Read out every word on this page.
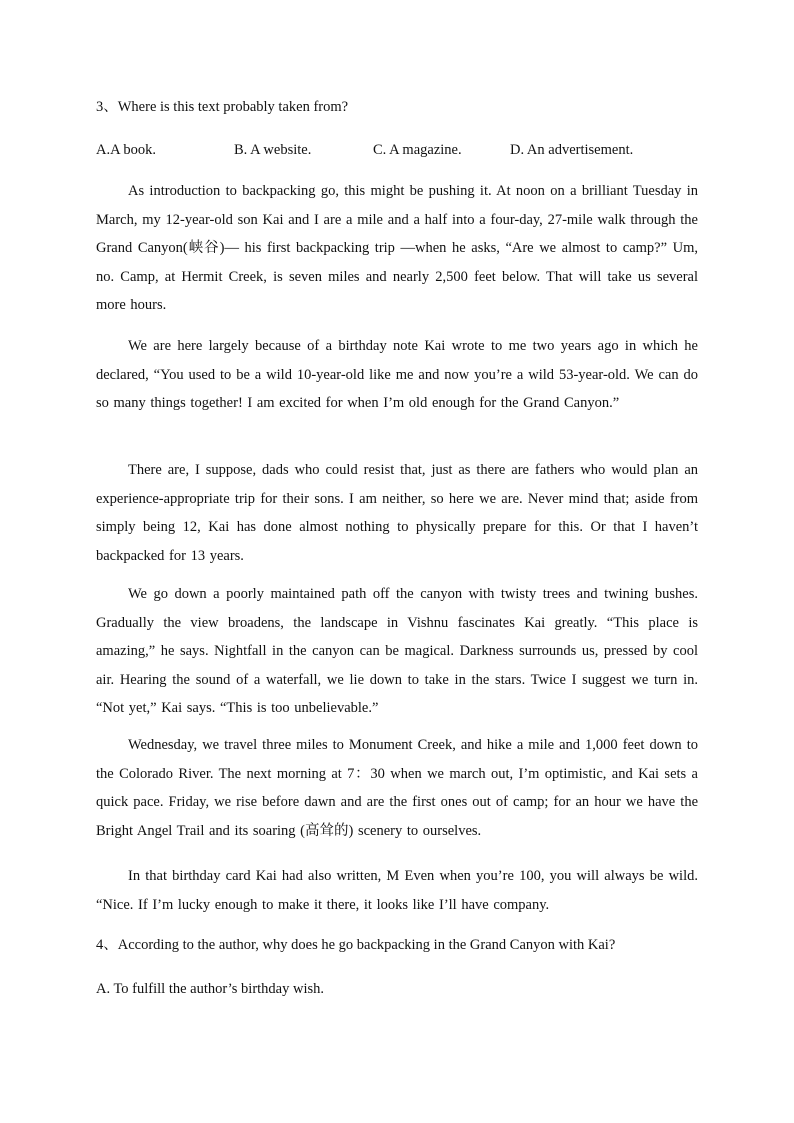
3、Where is this text probably taken from?
A.A book.	B. A website.	C. A magazine.	D. An advertisement.
As introduction to backpacking go, this might be pushing it. At noon on a brilliant Tuesday in March, my 12-year-old son Kai and I are a mile and a half into a four-day, 27-mile walk through the Grand Canyon(峡谷)— his first backpacking trip —when he asks, “Are we almost to camp?” Um, no. Camp, at Hermit Creek, is seven miles and nearly 2,500 feet below. That will take us several more hours.
We are here largely because of a birthday note Kai wrote to me two years ago in which he declared, “You used to be a wild 10-year-old like me and now you’re a wild 53-year-old. We can do so many things together! I am excited for when I’m old enough for the Grand Canyon.”
There are, I suppose, dads who could resist that, just as there are fathers who would plan an experience-appropriate trip for their sons. I am neither, so here we are. Never mind that; aside from simply being 12, Kai has done almost nothing to physically prepare for this. Or that I haven’t backpacked for 13 years.
We go down a poorly maintained path off the canyon with twisty trees and twining bushes. Gradually the view broadens, the landscape in Vishnu fascinates Kai greatly. “This place is amazing,” he says. Nightfall in the canyon can be magical. Darkness surrounds us, pressed by cool air. Hearing the sound of a waterfall, we lie down to take in the stars. Twice I suggest we turn in. “Not yet,” Kai says. “This is too unbelievable.”
Wednesday, we travel three miles to Monument Creek, and hike a mile and 1,000 feet down to the Colorado River. The next morning at 7：30 when we march out, I’m optimistic, and Kai sets a quick pace. Friday, we rise before dawn and are the first ones out of camp; for an hour we have the Bright Angel Trail and its soaring (高耸的) scenery to ourselves.
In that birthday card Kai had also written, M Even when you’re 100, you will always be wild. “Nice. If I’m lucky enough to make it there, it looks like I’ll have company.
4、According to the author, why does he go backpacking in the Grand Canyon with Kai?
A. To fulfill the author’s birthday wish.
